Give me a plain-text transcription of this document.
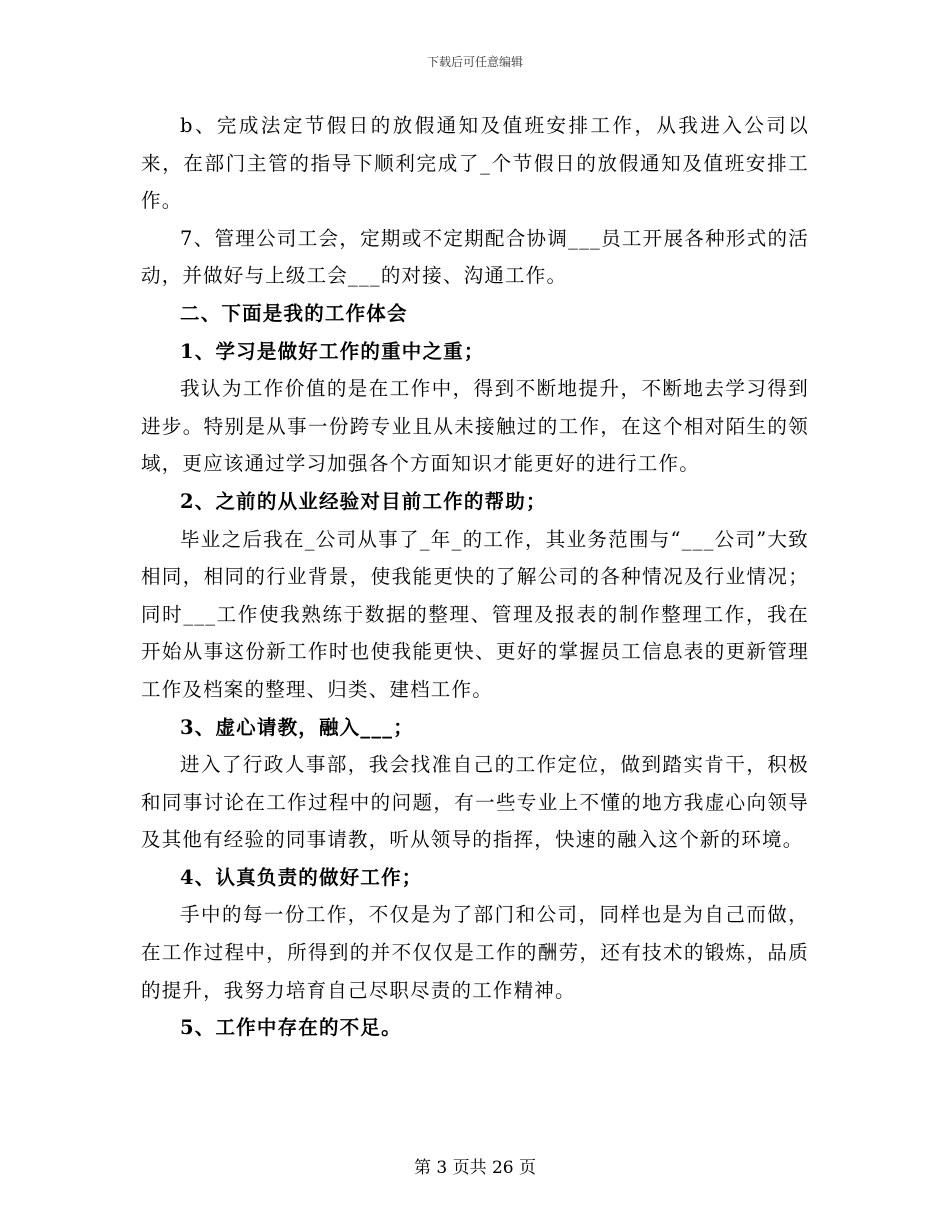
下载后可任意编辑

b、完成法定节假日的放假通知及值班安排工作，从我进入公司以来，在部门主管的指导下顺利完成了_个节假日的放假通知及值班安排工作。

7、管理公司工会，定期或不定期配合协调___员工开展各种形式的活动，并做好与上级工会___的对接、沟通工作。

二、下面是我的工作体会

1、学习是做好工作的重中之重；

我认为工作价值的是在工作中，得到不断地提升，不断地去学习得到进步。特别是从事一份跨专业且从未接触过的工作，在这个相对陌生的领域，更应该通过学习加强各个方面知识才能更好的进行工作。

2、之前的从业经验对目前工作的帮助；

毕业之后我在_公司从事了_年_的工作，其业务范围与“___公司”大致相同，相同的行业背景，使我能更快的了解公司的各种情况及行业情况；同时___工作使我熟练于数据的整理、管理及报表的制作整理工作，我在开始从事这份新工作时也使我能更快、更好的掌握员工信息表的更新管理工作及档案的整理、归类、建档工作。

3、虚心请教，融入___；

进入了行政人事部，我会找准自己的工作定位，做到踏实肯干，积极和同事讨论在工作过程中的问题，有一些专业上不懂的地方我虚心向领导及其他有经验的同事请教，听从领导的指挥，快速的融入这个新的环境。

4、认真负责的做好工作；

手中的每一份工作，不仅是为了部门和公司，同样也是为自己而做，在工作过程中，所得到的并不仅仅是工作的酬劳，还有技术的锻炼，品质的提升，我努力培育自己尽职尽责的工作精神。

5、工作中存在的不足。

第 3 页共 26 页
